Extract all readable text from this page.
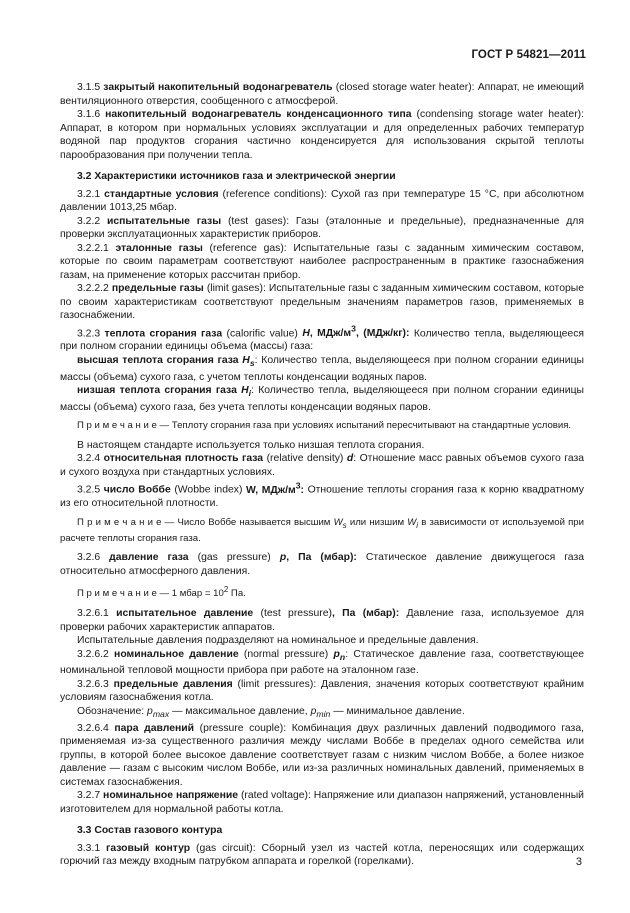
ГОСТ Р 54821—2011

3.1.5 закрытый накопительный водонагреватель (closed storage water heater): Аппарат, не имеющий вентиляционного отверстия, сообщенного с атмосферой.

3.1.6 накопительный водонагреватель конденсационного типа (condensing storage water heater): Аппарат, в котором при нормальных условиях эксплуатации и для определенных рабочих температур водяной пар продуктов сгорания частично конденсируется для использования скрытой теплоты парообразования при получении тепла.

3.2 Характеристики источников газа и электрической энергии

3.2.1 стандартные условия (reference conditions): Сухой газ при температуре 15 °С, при абсолютном давлении 1013,25 мбар.

3.2.2 испытательные газы (test gases): Газы (эталонные и предельные), предназначенные для проверки эксплуатационных характеристик приборов.

3.2.2.1 эталонные газы (reference gas): Испытательные газы с заданным химическим составом, которые по своим параметрам соответствуют наиболее распространенным в практике газоснабжения газам, на применение которых рассчитан прибор.

3.2.2.2 предельные газы (limit gases): Испытательные газы с заданным химическим составом, которые по своим характеристикам соответствуют предельным значениям параметров газов, применяемых в газоснабжении.

3.2.3 теплота сгорания газа (calorific value) H, МДж/$м^3$, (МДж/кг): Количество тепла, выделяющееся при полном сгорании единицы объема (массы) газа:

высшая теплота сгорания газа $H_s$: Количество тепла, выделяющееся при полном сгорании единицы массы (объема) сухого газа, с учетом теплоты конденсации водяных паров.

низшая теплота сгорания газа $H_i$: Количество тепла, выделяющееся при полном сгорании единицы массы (объема) сухого газа, без учета теплоты конденсации водяных паров.

П р и м е ч а н и е — Теплоту сгорания газа при условиях испытаний пересчитывают на стандартные условия.

В настоящем стандарте используется только низшая теплота сгорания.

3.2.4 относительная плотность газа (relative density) d: Отношение масс равных объемов сухого газа и сухого воздуха при стандартных условиях.

3.2.5 число Воббе (Wobbe index) W, МДж/$м^3$: Отношение теплоты сгорания газа к корню квадратному из его относительной плотности.

П р и м е ч а н и е — Число Воббе называется высшим $W_s$ или низшим $W_i$ в зависимости от используемой при расчете теплоты сгорания газа.

3.2.6 давление газа (gas pressure) p, Па (мбар): Статическое давление движущегося газа относительно атмосферного давления.

П р и м е ч а н и е — 1 мбар = $10^2$ Па.

3.2.6.1 испытательное давление (test pressure), Па (мбар): Давление газа, используемое для проверки рабочих характеристик аппаратов.

Испытательные давления подразделяют на номинальное и предельные давления.

3.2.6.2 номинальное давление (normal pressure) $p_n$: Статическое давление газа, соответствующее номинальной тепловой мощности прибора при работе на эталонном газе.

3.2.6.3 предельные давления (limit pressures): Давления, значения которых соответствуют крайним условиям газоснабжения котла.

Обозначение: $p_{max}$ — максимальное давление, $p_{min}$ — минимальное давление.

3.2.6.4 пара давлений (pressure couple): Комбинация двух различных давлений подводимого газа, применяемая из-за существенного различия между числами Воббе в пределах одного семейства или группы, в которой более высокое давление соответствует газам с низким числом Воббе, а более низкое давление — газам с высоким числом Воббе, или из-за различных номинальных давлений, применяемых в системах газоснабжения.

3.2.7 номинальное напряжение (rated voltage): Напряжение или диапазон напряжений, установленный изготовителем для нормальной работы котла.

3.3 Состав газового контура

3.3.1 газовый контур (gas circuit): Сборный узел из частей котла, переносящих или содержащих горючий газ между входным патрубком аппарата и горелкой (горелками).	3
